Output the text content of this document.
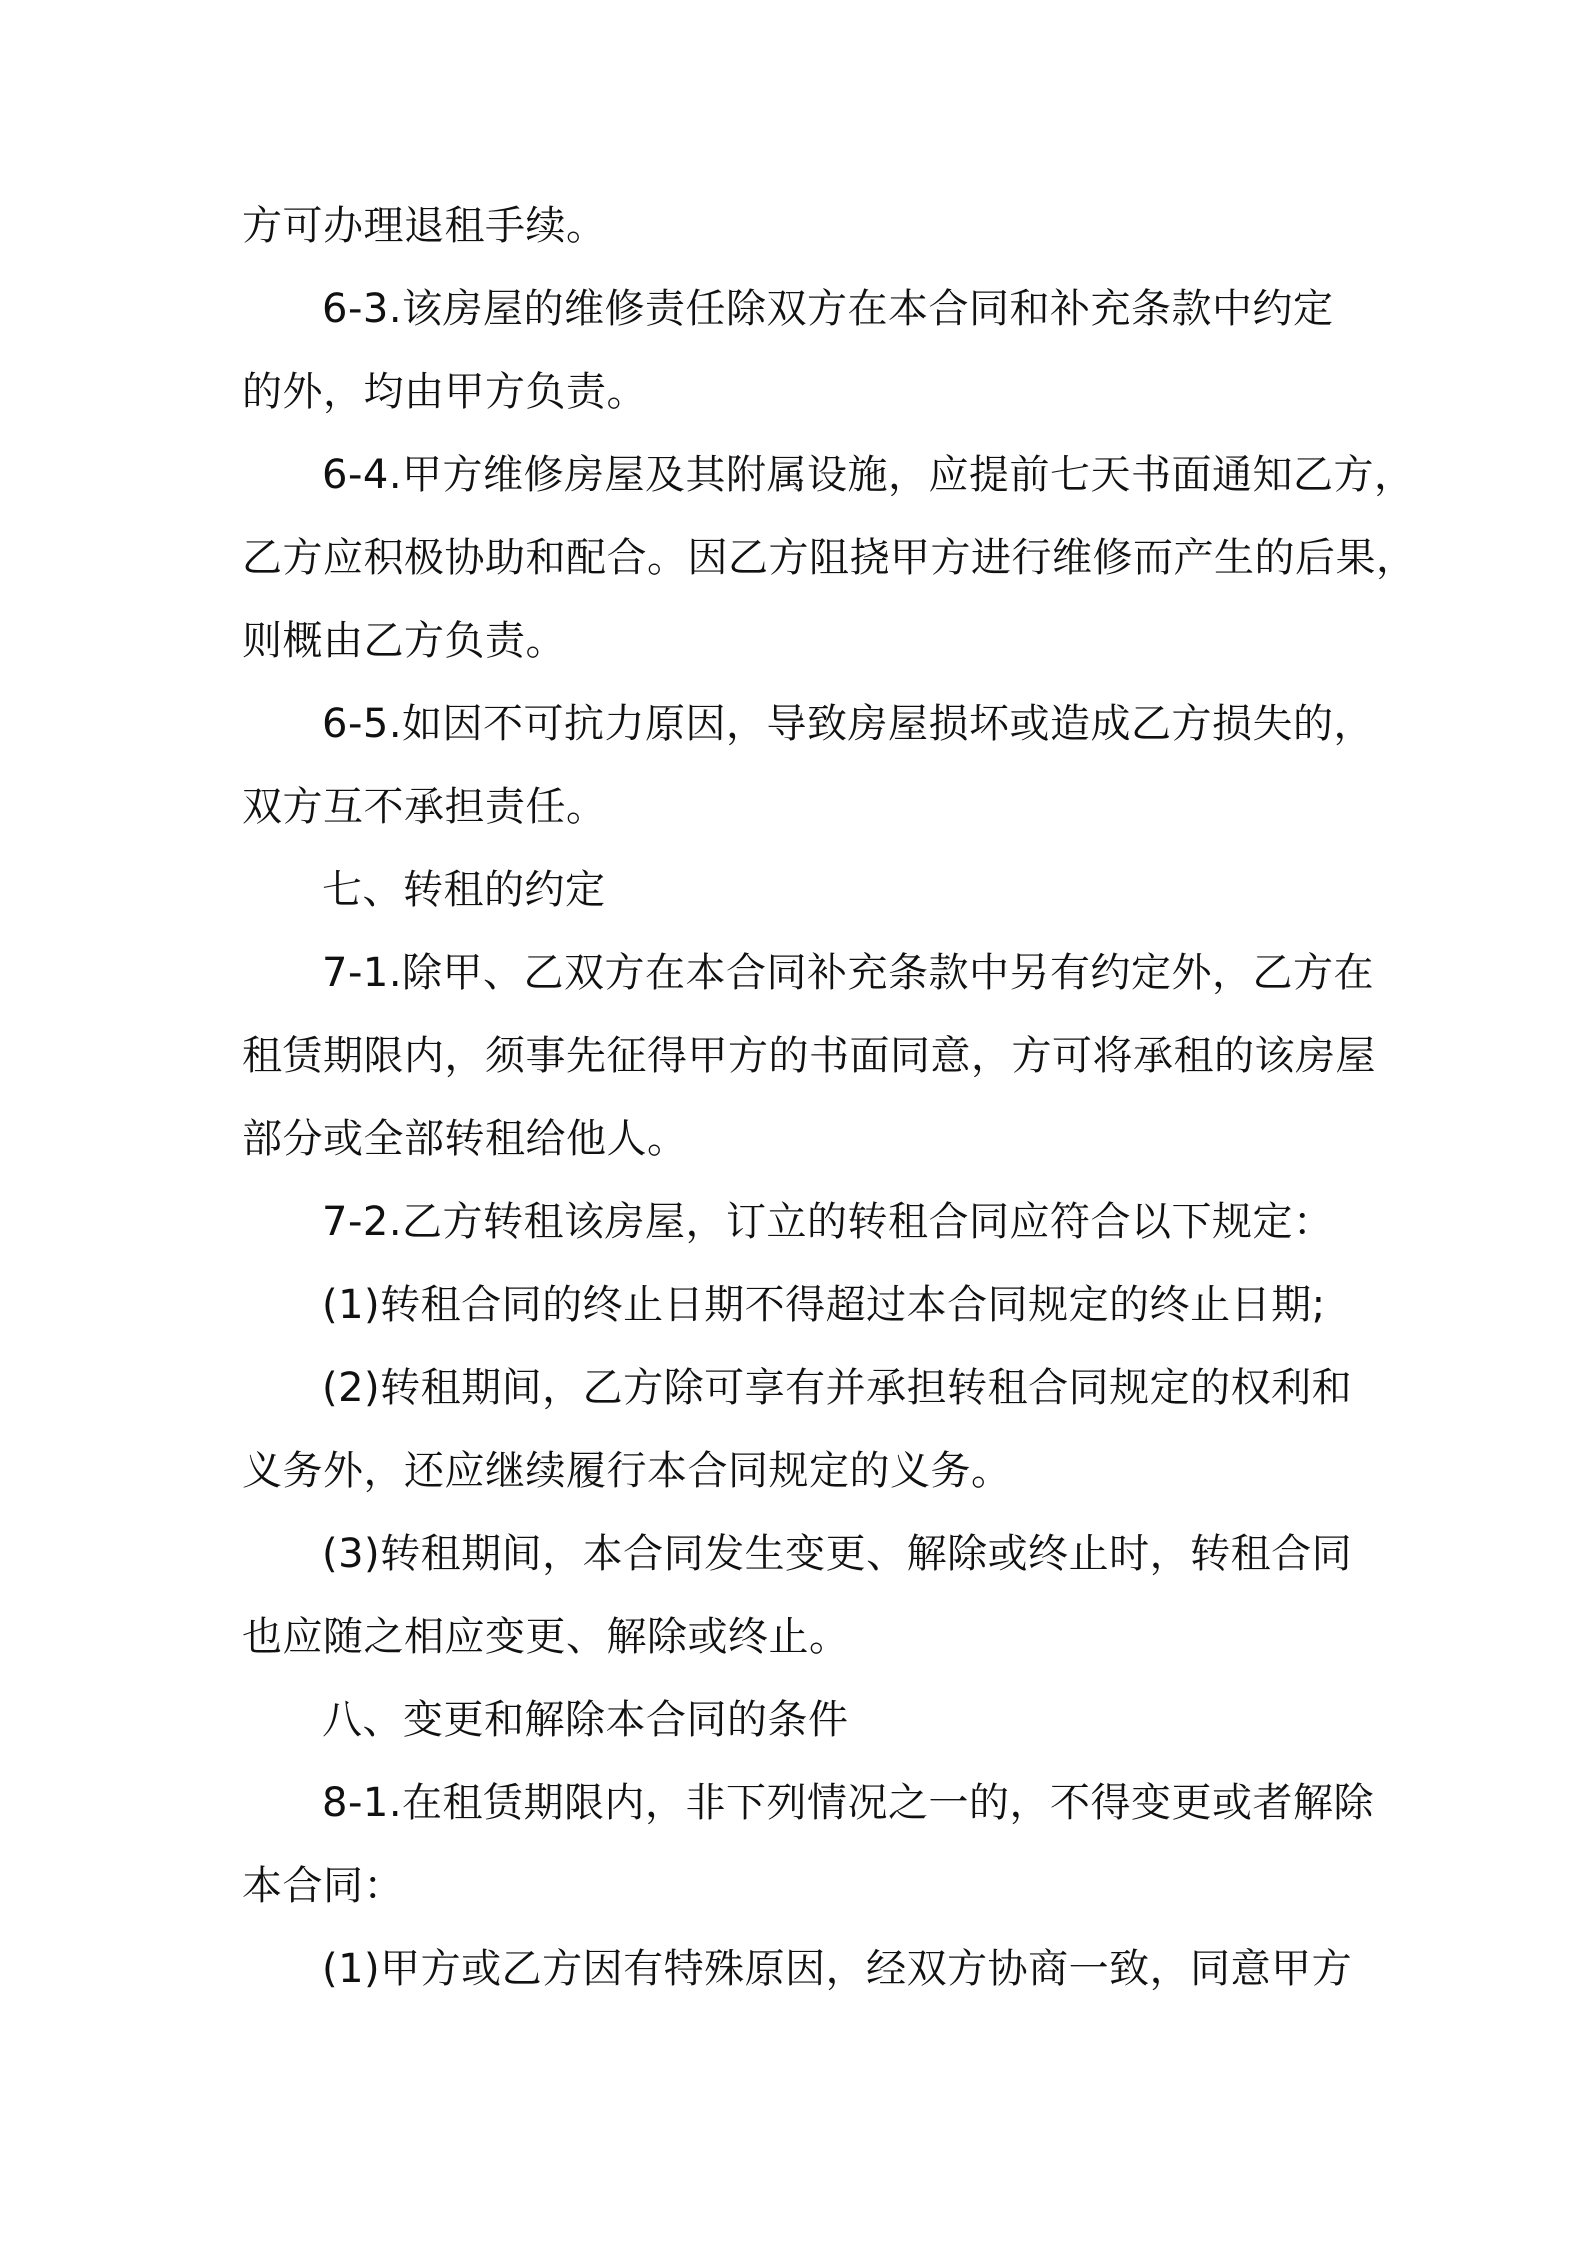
方可办理退租手续。
6-3.该房屋的维修责任除双方在本合同和补充条款中约定
的外，均由甲方负责。
6-4.甲方维修房屋及其附属设施，应提前七天书面通知乙方，
乙方应积极协助和配合。因乙方阻挠甲方进行维修而产生的后果，
则概由乙方负责。
6-5.如因不可抗力原因，导致房屋损坏或造成乙方损失的，
双方互不承担责任。
七、转租的约定
7-1.除甲、乙双方在本合同补充条款中另有约定外，乙方在
租赁期限内，须事先征得甲方的书面同意，方可将承租的该房屋
部分或全部转租给他人。
7-2.乙方转租该房屋，订立的转租合同应符合以下规定：
(1)转租合同的终止日期不得超过本合同规定的终止日期;
(2)转租期间，乙方除可享有并承担转租合同规定的权利和
义务外，还应继续履行本合同规定的义务。
(3)转租期间，本合同发生变更、解除或终止时，转租合同
也应随之相应变更、解除或终止。
八、变更和解除本合同的条件
8-1.在租赁期限内，非下列情况之一的，不得变更或者解除
本合同：
(1)甲方或乙方因有特殊原因，经双方协商一致，同意甲方
